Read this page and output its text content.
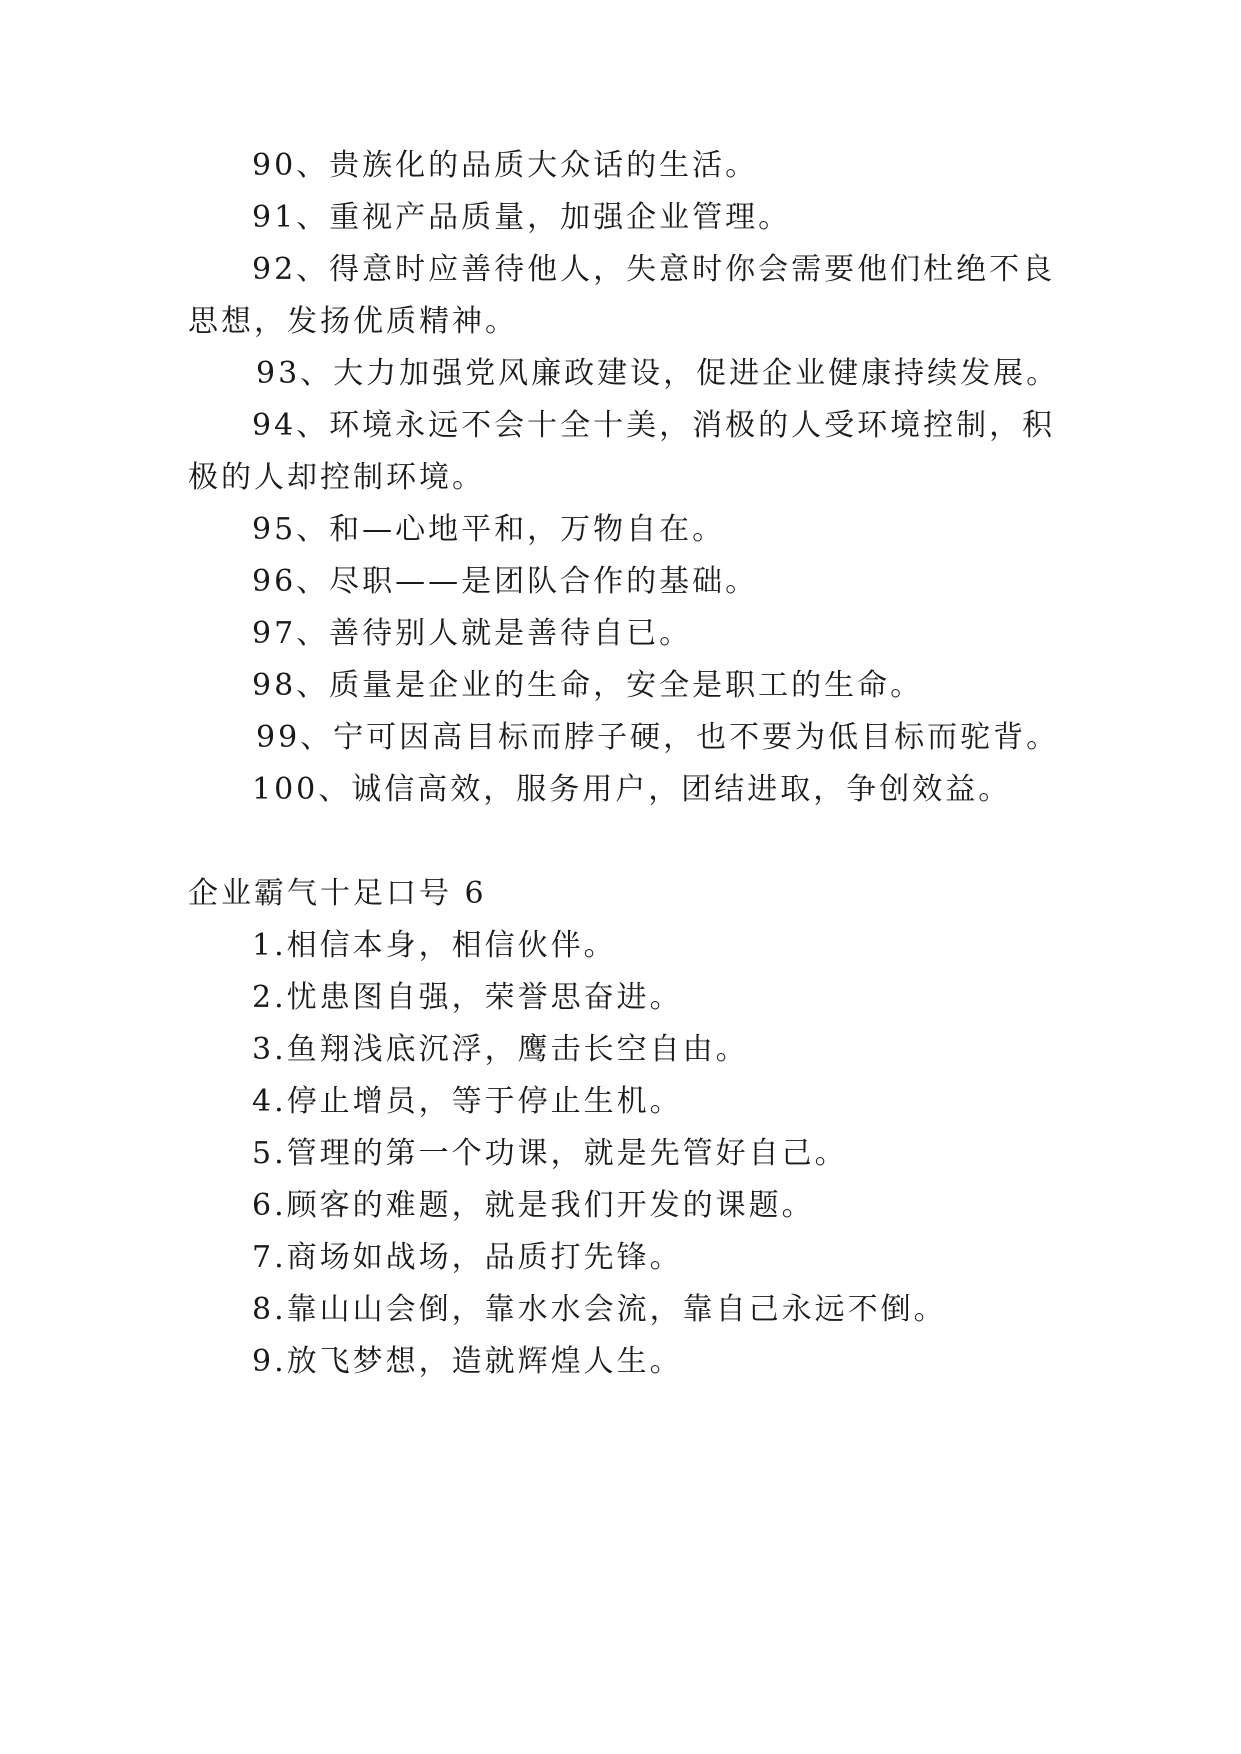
90、贵族化的品质大众话的生活。
91、重视产品质量，加强企业管理。
92、得意时应善待他人，失意时你会需要他们杜绝不良
思想，发扬优质精神。
93、大力加强党风廉政建设，促进企业健康持续发展。
94、环境永远不会十全十美，消极的人受环境控制，积
极的人却控制环境。
95、和—心地平和，万物自在。
96、尽职——是团队合作的基础。
97、善待别人就是善待自已。
98、质量是企业的生命，安全是职工的生命。
99、宁可因高目标而脖子硬，也不要为低目标而驼背。
100、诚信高效，服务用户，团结进取，争创效益。
企业霸气十足口号 6
1.相信本身，相信伙伴。
2.忧患图自强，荣誉思奋进。
3.鱼翔浅底沉浮，鹰击长空自由。
4.停止增员，等于停止生机。
5.管理的第一个功课，就是先管好自己。
6.顾客的难题，就是我们开发的课题。
7.商场如战场，品质打先锋。
8.靠山山会倒，靠水水会流，靠自己永远不倒。
9.放飞梦想，造就辉煌人生。
